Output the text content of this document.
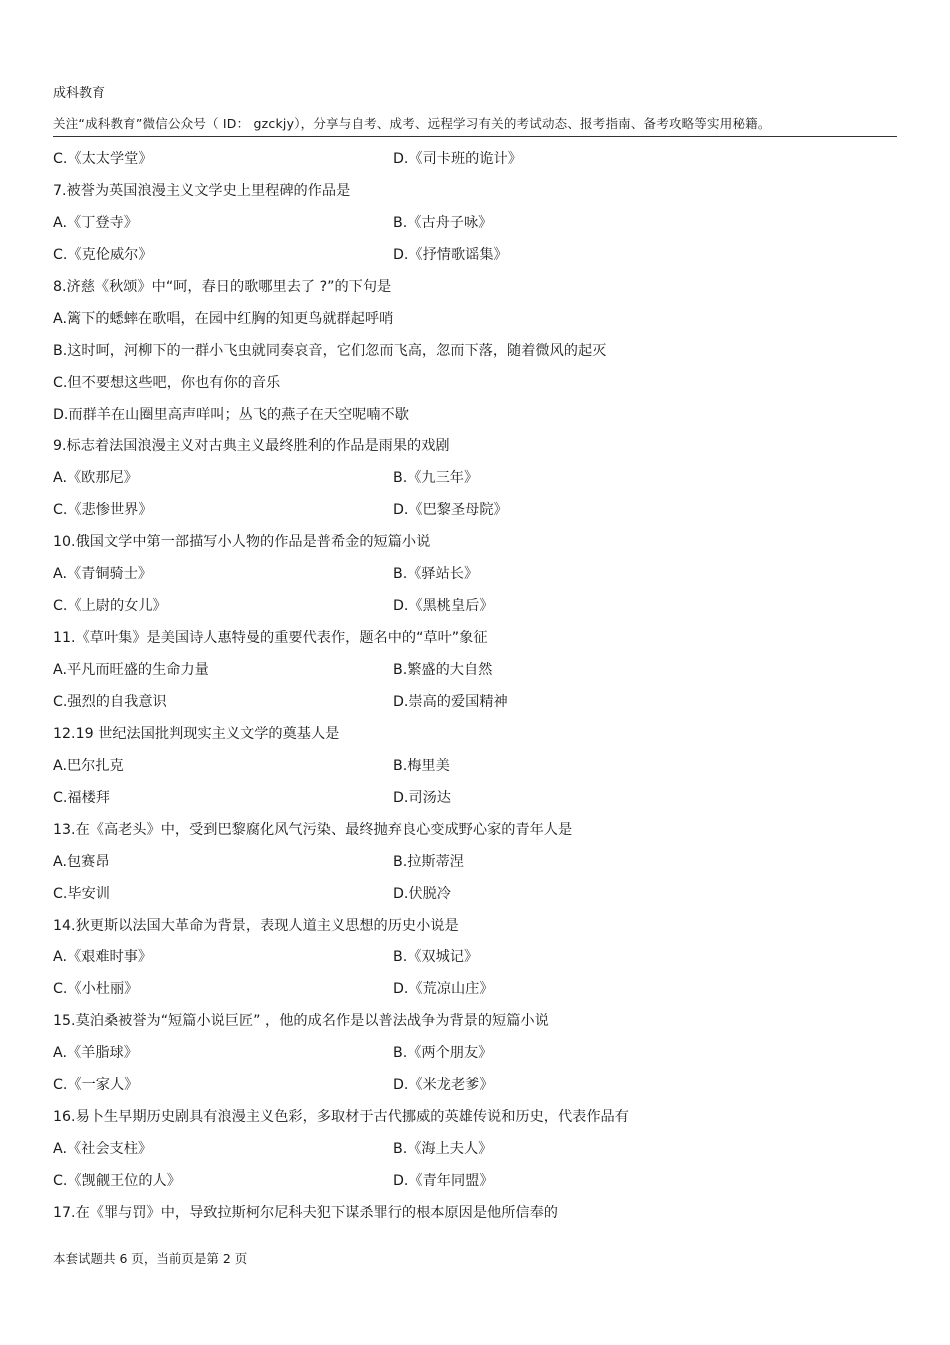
成科教育
关注“成科教育”微信公众号（ ID： gzckjy），分享与自考、成考、远程学习有关的考试动态、报考指南、备考攻略等实用秘籍。
C.《太太学堂》	D.《司卡班的诡计》
7.被誉为英国浪漫主义文学史上里程碑的作品是
A.《丁登寺》	B.《古舟子咏》
C.《克伦威尔》	D.《抒情歌谣集》
8.济慈《秋颂》中“呵，春日的歌哪里去了 ?”的下句是
A.篱下的蟋蟀在歌唱，在园中红胸的知更鸟就群起呼哨
B.这时呵，河柳下的一群小飞虫就同奏哀音，它们忽而飞高，忽而下落，随着微风的起灭
C.但不要想这些吧，你也有你的音乐
D.而群羊在山圈里高声咩叫；丛飞的燕子在天空呢喃不歇
9.标志着法国浪漫主义对古典主义最终胜利的作品是雨果的戏剧
A.《欧那尼》	B.《九三年》
C.《悲惨世界》	D.《巴黎圣母院》
10.俄国文学中第一部描写小人物的作品是普希金的短篇小说
A.《青铜骑士》	B.《驿站长》
C.《上尉的女儿》	D.《黑桃皇后》
11.《草叶集》是美国诗人惠特曼的重要代表作，题名中的“草叶”象征
A.平凡而旺盛的生命力量	B.繁盛的大自然
C.强烈的自我意识	D.崇高的爱国精神
12.19 世纪法国批判现实主义文学的奠基人是
A.巴尔扎克	B.梅里美
C.福楼拜	D.司汤达
13.在《高老头》中，受到巴黎腐化风气污染、最终抛弃良心变成野心家的青年人是
A.包赛昂	B.拉斯蒂涅
C.毕安训	D.伏脱冷
14.狄更斯以法国大革命为背景，表现人道主义思想的历史小说是
A.《艰难时事》	B.《双城记》
C.《小杜丽》	D.《荒凉山庄》
15.莫泊桑被誉为“短篇小说巨匠” ，他的成名作是以普法战争为背景的短篇小说
A.《羊脂球》	B.《两个朋友》
C.《一家人》	D.《米龙老爹》
16.易卜生早期历史剧具有浪漫主义色彩，多取材于古代挪威的英雄传说和历史，代表作品有
A.《社会支柱》	B.《海上夫人》
C.《觊觎王位的人》	D.《青年同盟》
17.在《罪与罚》中，导致拉斯柯尔尼科夫犯下谋杀罪行的根本原因是他所信奉的
本套试题共 6 页，当前页是第 2 页
